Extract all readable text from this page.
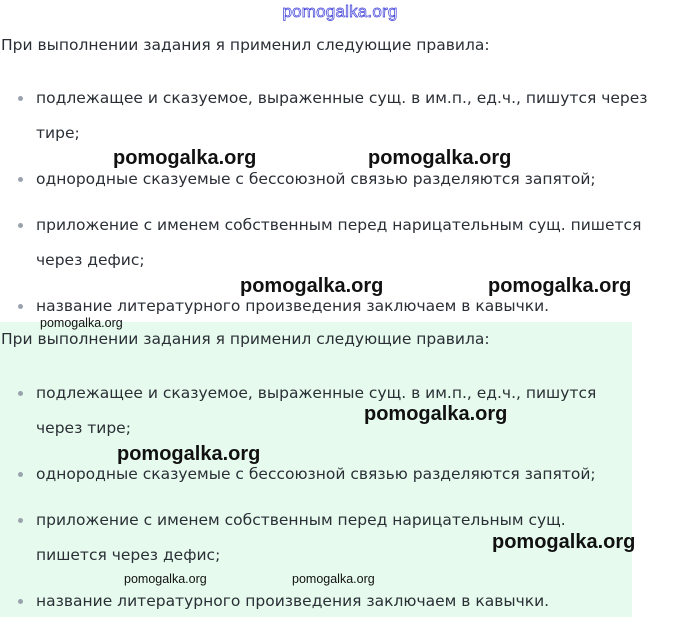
pomogalka.org

При выполнении задания я применил следующие правила:

подлежащее и сказуемое, выраженные сущ. в им.п., ед.ч., пишутся через тире;
однородные сказуемые с бессоюзной связью разделяются запятой;
приложение с именем собственным перед нарицательным сущ. пишется через дефис;
название литературного произведения заключаем в кавычки.

При выполнении задания я применил следующие правила:

подлежащее и сказуемое, выраженные сущ. в им.п., ед.ч., пишутся через тире;
однородные сказуемые с бессоюзной связью разделяются запятой;
приложение с именем собственным перед нарицательным сущ. пишется через дефис;
название литературного произведения заключаем в кавычки.
pomogalka.org	pomogalka.org
pomogalka.org	pomogalka.org
pomogalka.org
pomogalka.org
pomogalka.org
pomogalka.org
pomogalka.org	pomogalka.org
